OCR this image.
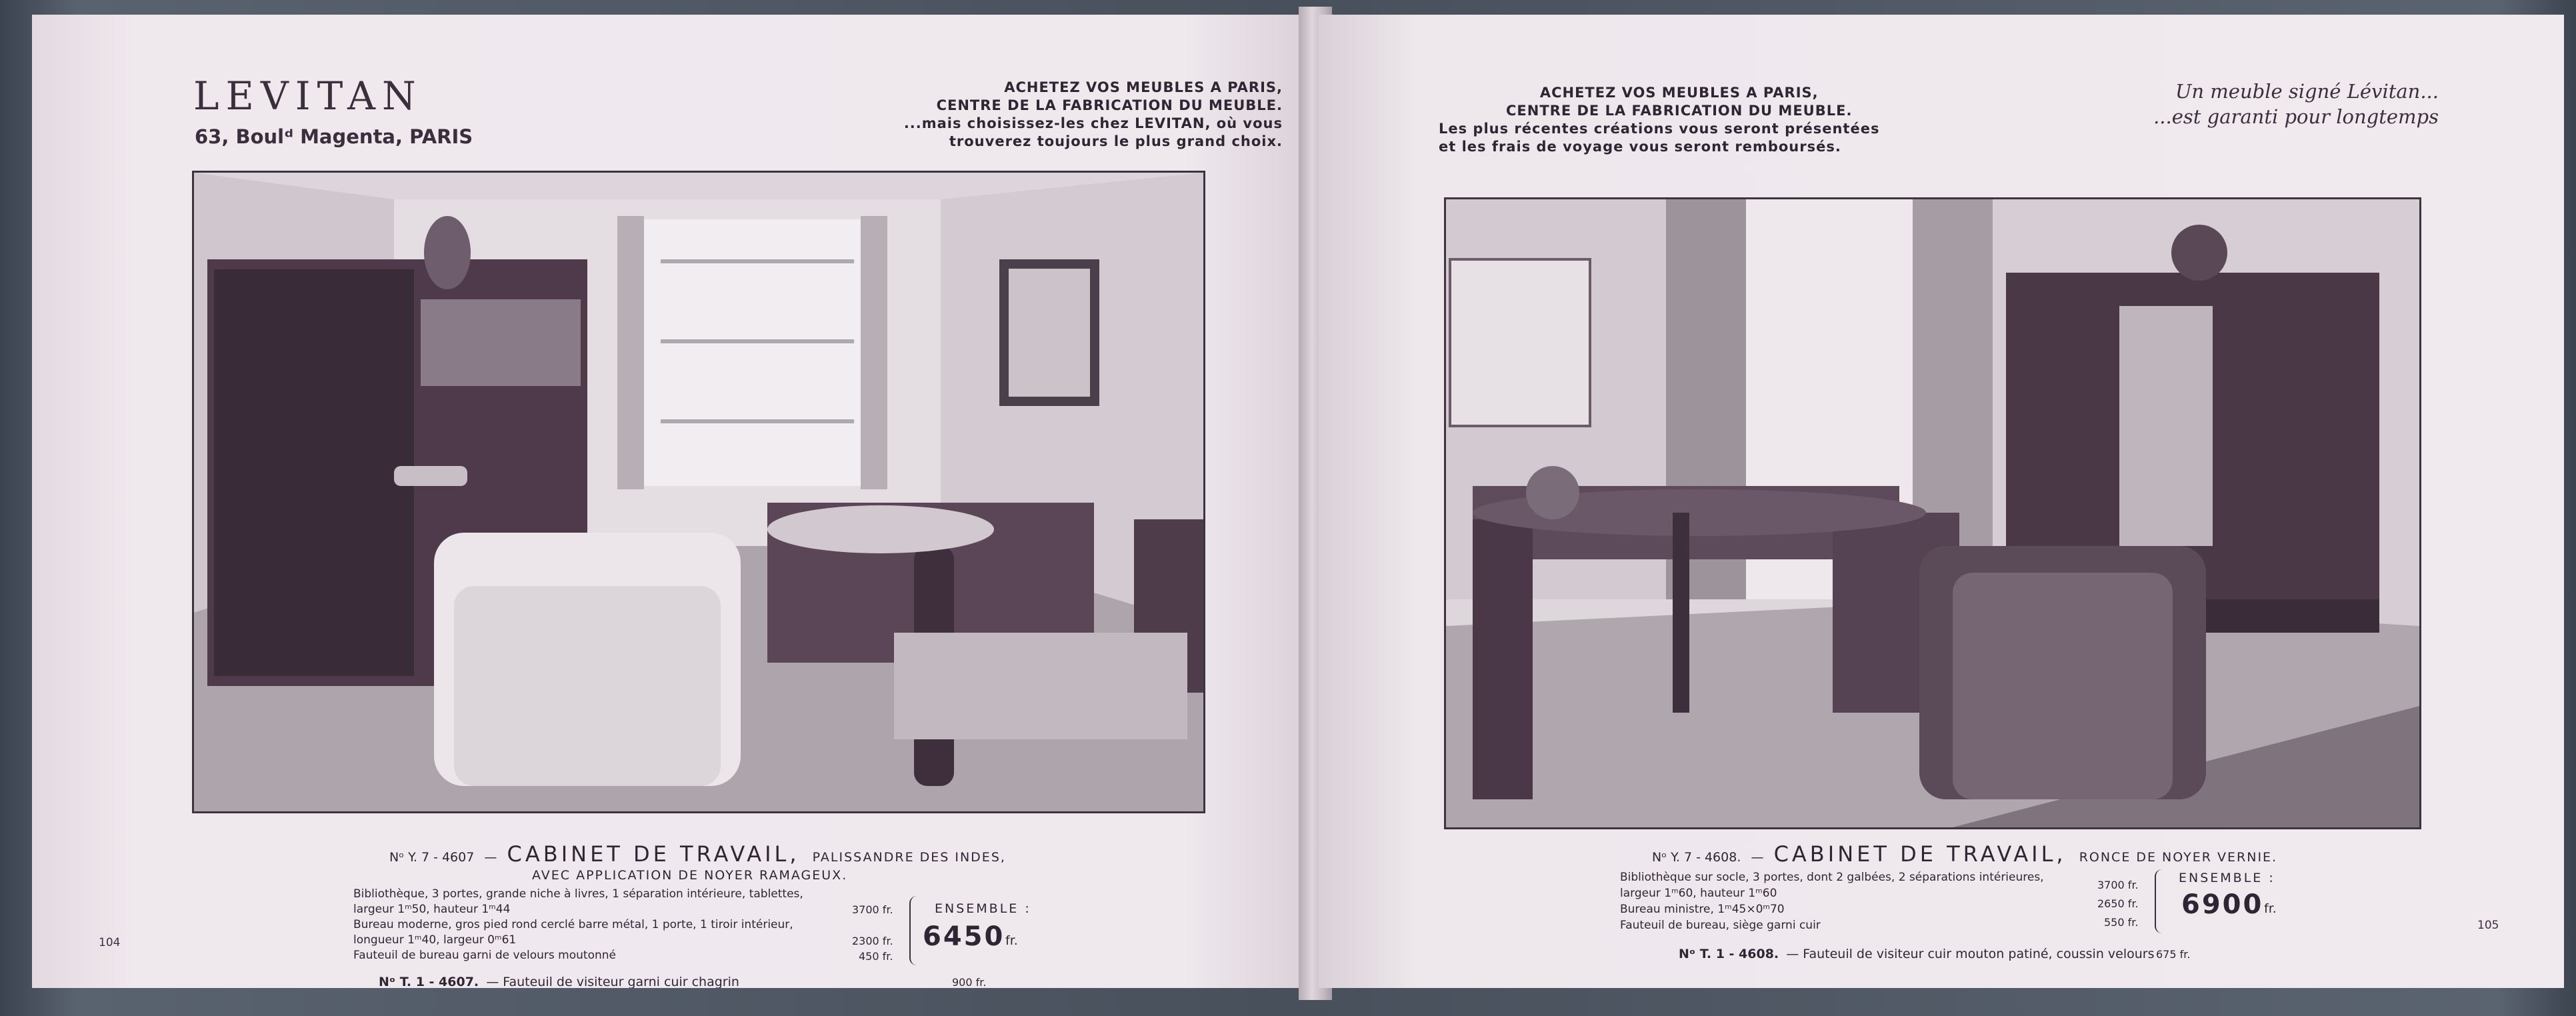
LEVITAN
63, Boulᵈ Magenta, PARIS
ACHETEZ VOS MEUBLES A PARIS,
CENTRE DE LA FABRICATION DU MEUBLE.
...mais choisissez-les chez LEVITAN, où vous
trouverez toujours le plus grand choix.
Nᵒ Y. 7 - 4607 — CABINET DE TRAVAIL, PALISSANDRE DES INDES,
AVEC APPLICATION DE NOYER RAMAGEUX.
Bibliothèque, 3 portes, grande niche à livres, 1 séparation intérieure, tablettes,
largeur 1ᵐ50, hauteur 1ᵐ44
Bureau moderne, gros pied rond cerclé barre métal, 1 porte, 1 tiroir intérieur,
longueur 1ᵐ40, largeur 0ᵐ61
Fauteuil de bureau garni de velours moutonné
3700 fr.
2300 fr.
450 fr.
ENSEMBLE :
6450 fr.
Nᵒ T. 1 - 4607. — Fauteuil de visiteur garni cuir chagrin	900 fr.
104
ACHETEZ VOS MEUBLES A PARIS,
CENTRE DE LA FABRICATION DU MEUBLE.
Les plus récentes créations vous seront présentées
et les frais de voyage vous seront remboursés.
Un meuble signé Lévitan...
...est garanti pour longtemps
Nᵒ Y. 7 - 4608. — CABINET DE TRAVAIL, RONCE DE NOYER VERNIE.
Bibliothèque sur socle, 3 portes, dont 2 galbées, 2 séparations intérieures,
largeur 1ᵐ60, hauteur 1ᵐ60
Bureau ministre, 1ᵐ45×0ᵐ70
Fauteuil de bureau, siège garni cuir
3700 fr.
2650 fr.
550 fr.
ENSEMBLE :
6900 fr.
Nᵒ T. 1 - 4608. — Fauteuil de visiteur cuir mouton patiné, coussin velours 675 fr.
105
